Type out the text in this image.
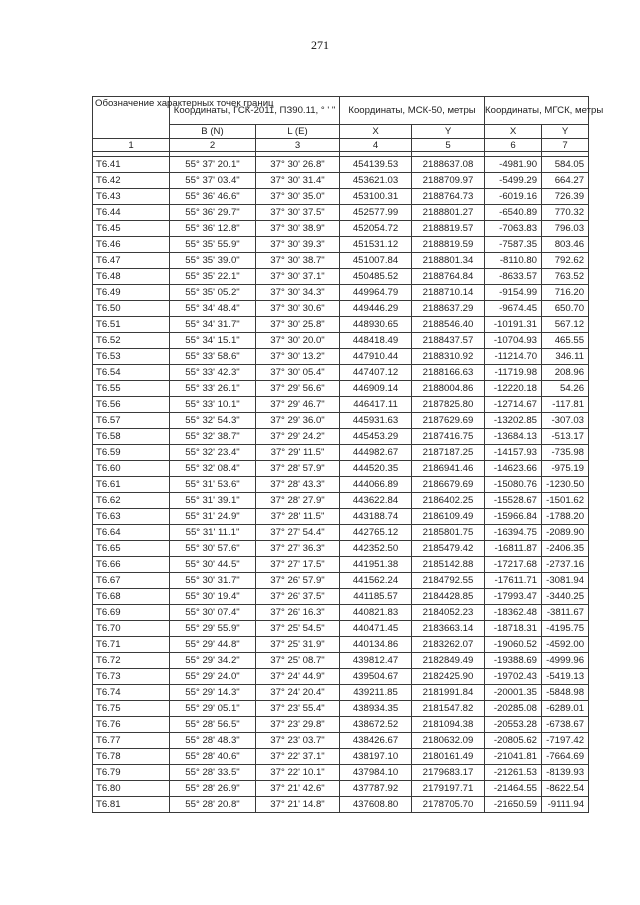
271
Обозначение характерных точек границ	Координаты, ГСК-2011, ПЗ90.11, ° ' "		Координаты, МСК-50, метры		Координаты, МГСК, метры	
	B (N)	L (E)	X	Y	X	Y
1	2	3	4	5	6	7

Т6.41	55° 37' 20.1"	37° 30' 26.8"	454139.53	2188637.08	-4981.90	584.05
Т6.42	55° 37' 03.4"	37° 30' 31.4"	453621.03	2188709.97	-5499.29	664.27
Т6.43	55° 36' 46.6"	37° 30' 35.0"	453100.31	2188764.73	-6019.16	726.39
Т6.44	55° 36' 29.7"	37° 30' 37.5"	452577.99	2188801.27	-6540.89	770.32
Т6.45	55° 36' 12.8"	37° 30' 38.9"	452054.72	2188819.57	-7063.83	796.03
Т6.46	55° 35' 55.9"	37° 30' 39.3"	451531.12	2188819.59	-7587.35	803.46
Т6.47	55° 35' 39.0"	37° 30' 38.7"	451007.84	2188801.34	-8110.80	792.62
Т6.48	55° 35' 22.1"	37° 30' 37.1"	450485.52	2188764.84	-8633.57	763.52
Т6.49	55° 35' 05.2"	37° 30' 34.3"	449964.79	2188710.14	-9154.99	716.20
Т6.50	55° 34' 48.4"	37° 30' 30.6"	449446.29	2188637.29	-9674.45	650.70
Т6.51	55° 34' 31.7"	37° 30' 25.8"	448930.65	2188546.40	-10191.31	567.12
Т6.52	55° 34' 15.1"	37° 30' 20.0"	448418.49	2188437.57	-10704.93	465.55
Т6.53	55° 33' 58.6"	37° 30' 13.2"	447910.44	2188310.92	-11214.70	346.11
Т6.54	55° 33' 42.3"	37° 30' 05.4"	447407.12	2188166.63	-11719.98	208.96
Т6.55	55° 33' 26.1"	37° 29' 56.6"	446909.14	2188004.86	-12220.18	54.26
Т6.56	55° 33' 10.1"	37° 29' 46.7"	446417.11	2187825.80	-12714.67	-117.81
Т6.57	55° 32' 54.3"	37° 29' 36.0"	445931.63	2187629.69	-13202.85	-307.03
Т6.58	55° 32' 38.7"	37° 29' 24.2"	445453.29	2187416.75	-13684.13	-513.17
Т6.59	55° 32' 23.4"	37° 29' 11.5"	444982.67	2187187.25	-14157.93	-735.98
Т6.60	55° 32' 08.4"	37° 28' 57.9"	444520.35	2186941.46	-14623.66	-975.19
Т6.61	55° 31' 53.6"	37° 28' 43.3"	444066.89	2186679.69	-15080.76	-1230.50
Т6.62	55° 31' 39.1"	37° 28' 27.9"	443622.84	2186402.25	-15528.67	-1501.62
Т6.63	55° 31' 24.9"	37° 28' 11.5"	443188.74	2186109.49	-15966.84	-1788.20
Т6.64	55° 31' 11.1"	37° 27' 54.4"	442765.12	2185801.75	-16394.75	-2089.90
Т6.65	55° 30' 57.6"	37° 27' 36.3"	442352.50	2185479.42	-16811.87	-2406.35
Т6.66	55° 30' 44.5"	37° 27' 17.5"	441951.38	2185142.88	-17217.68	-2737.16
Т6.67	55° 30' 31.7"	37° 26' 57.9"	441562.24	2184792.55	-17611.71	-3081.94
Т6.68	55° 30' 19.4"	37° 26' 37.5"	441185.57	2184428.85	-17993.47	-3440.25
Т6.69	55° 30' 07.4"	37° 26' 16.3"	440821.83	2184052.23	-18362.48	-3811.67
Т6.70	55° 29' 55.9"	37° 25' 54.5"	440471.45	2183663.14	-18718.31	-4195.75
Т6.71	55° 29' 44.8"	37° 25' 31.9"	440134.86	2183262.07	-19060.52	-4592.00
Т6.72	55° 29' 34.2"	37° 25' 08.7"	439812.47	2182849.49	-19388.69	-4999.96
Т6.73	55° 29' 24.0"	37° 24' 44.9"	439504.67	2182425.90	-19702.43	-5419.13
Т6.74	55° 29' 14.3"	37° 24' 20.4"	439211.85	2181991.84	-20001.35	-5848.98
Т6.75	55° 29' 05.1"	37° 23' 55.4"	438934.35	2181547.82	-20285.08	-6289.01
Т6.76	55° 28' 56.5"	37° 23' 29.8"	438672.52	2181094.38	-20553.28	-6738.67
Т6.77	55° 28' 48.3"	37° 23' 03.7"	438426.67	2180632.09	-20805.62	-7197.42
Т6.78	55° 28' 40.6"	37° 22' 37.1"	438197.10	2180161.49	-21041.81	-7664.69
Т6.79	55° 28' 33.5"	37° 22' 10.1"	437984.10	2179683.17	-21261.53	-8139.93
Т6.80	55° 28' 26.9"	37° 21' 42.6"	437787.92	2179197.71	-21464.55	-8622.54
Т6.81	55° 28' 20.8"	37° 21' 14.8"	437608.80	2178705.70	-21650.59	-9111.94
